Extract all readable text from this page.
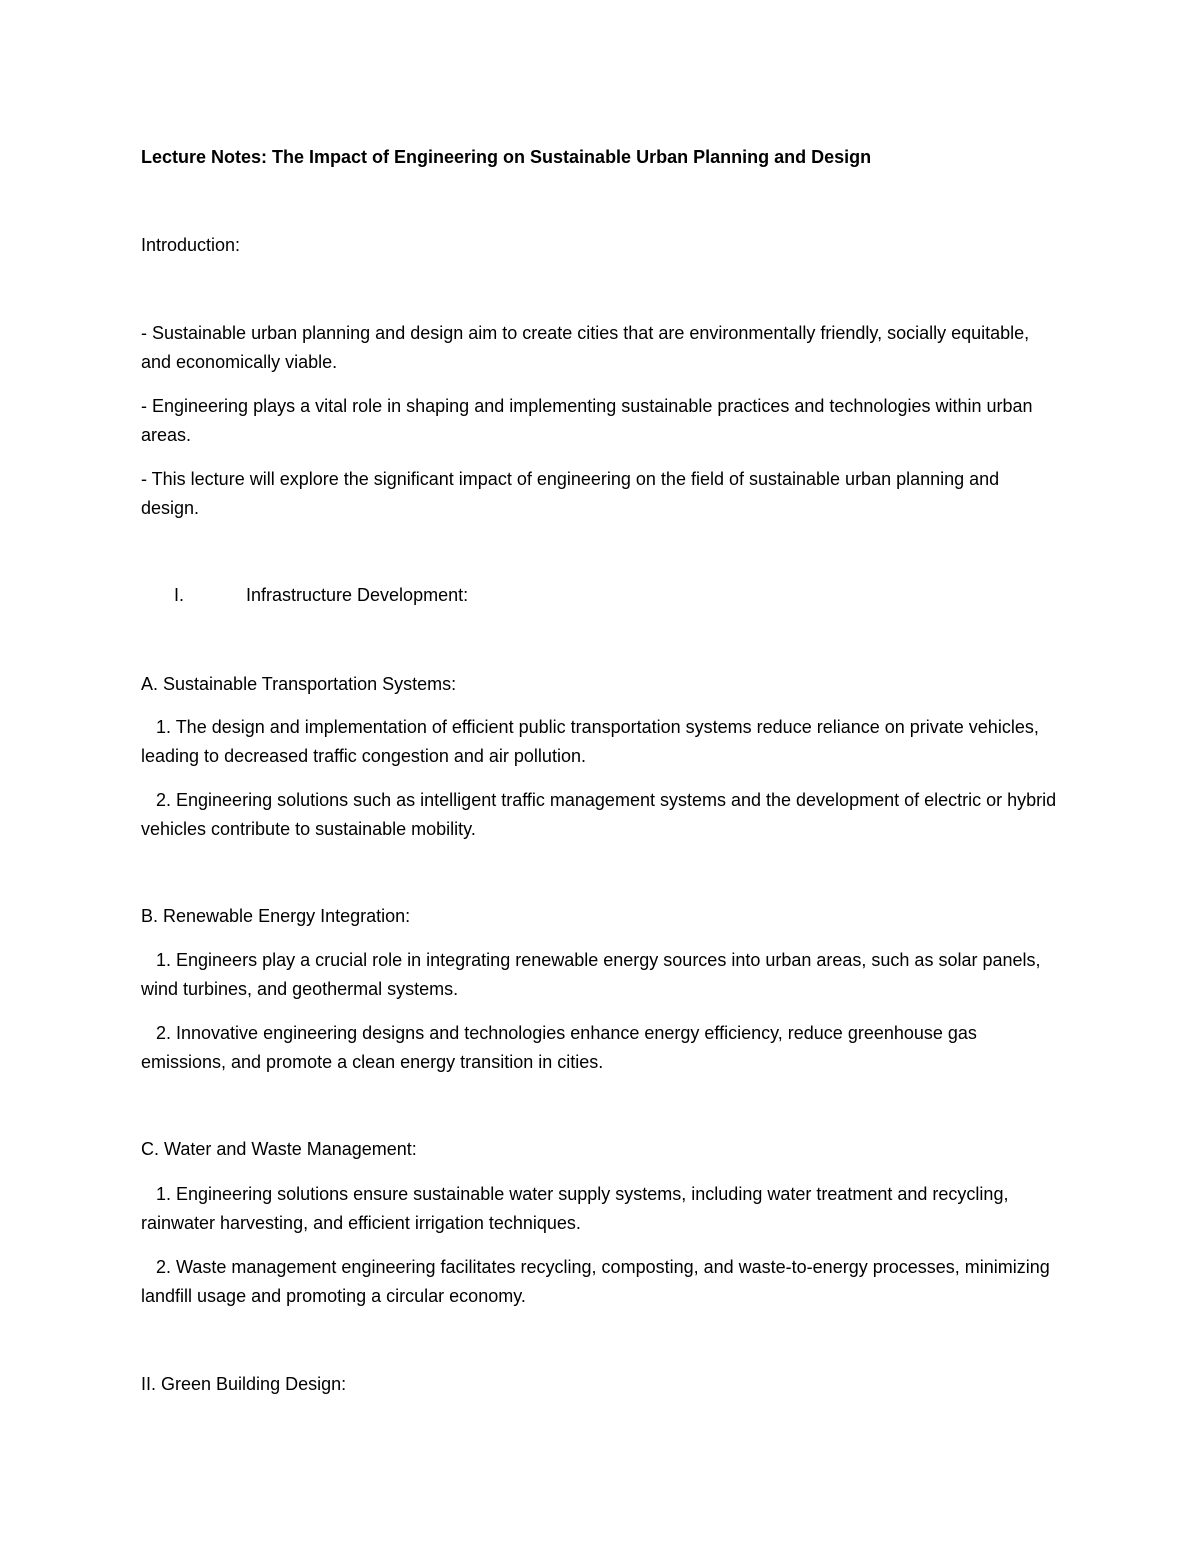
Lecture Notes: The Impact of Engineering on Sustainable Urban Planning and Design

Introduction:

- Sustainable urban planning and design aim to create cities that are environmentally friendly, socially equitable, and economically viable.

- Engineering plays a vital role in shaping and implementing sustainable practices and technologies within urban areas.

- This lecture will explore the significant impact of engineering on the field of sustainable urban planning and design.

I.	Infrastructure Development:

A. Sustainable Transportation Systems:

1. The design and implementation of efficient public transportation systems reduce reliance on private vehicles, leading to decreased traffic congestion and air pollution.

2. Engineering solutions such as intelligent traffic management systems and the development of electric or hybrid vehicles contribute to sustainable mobility.

B. Renewable Energy Integration:

1. Engineers play a crucial role in integrating renewable energy sources into urban areas, such as solar panels, wind turbines, and geothermal systems.

2. Innovative engineering designs and technologies enhance energy efficiency, reduce greenhouse gas emissions, and promote a clean energy transition in cities.

C. Water and Waste Management:

1. Engineering solutions ensure sustainable water supply systems, including water treatment and recycling, rainwater harvesting, and efficient irrigation techniques.

2. Waste management engineering facilitates recycling, composting, and waste-to-energy processes, minimizing landfill usage and promoting a circular economy.

II. Green Building Design:
